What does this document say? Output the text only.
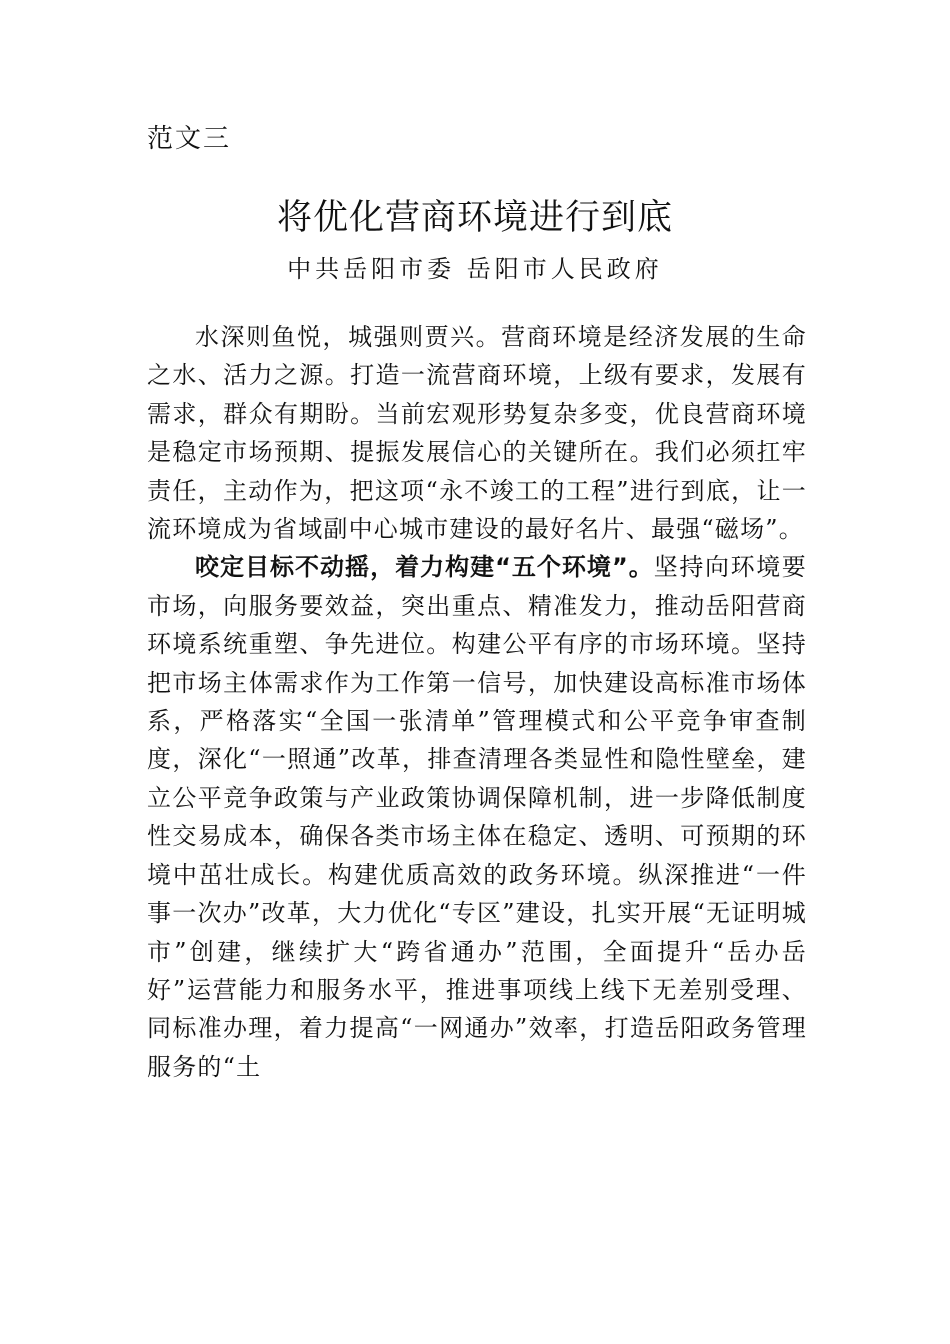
范文三
将优化营商环境进行到底
中共岳阳市委 岳阳市人民政府

水深则鱼悦，城强则贾兴。营商环境是经济发展的生命之水、活力之源。打造一流营商环境，上级有要求，发展有需求，群众有期盼。当前宏观形势复杂多变，优良营商环境是稳定市场预期、提振发展信心的关键所在。我们必须扛牢责任，主动作为，把这项“永不竣工的工程”进行到底，让一流环境成为省域副中心城市建设的最好名片、最强“磁场”。

咬定目标不动摇，着力构建“五个环境”。坚持向环境要市场，向服务要效益，突出重点、精准发力，推动岳阳营商环境系统重塑、争先进位。构建公平有序的市场环境。坚持把市场主体需求作为工作第一信号，加快建设高标准市场体系，严格落实“全国一张清单”管理模式和公平竞争审查制度，深化“一照通”改革，排查清理各类显性和隐性壁垒，建立公平竞争政策与产业政策协调保障机制，进一步降低制度性交易成本，确保各类市场主体在稳定、透明、可预期的环境中茁壮成长。构建优质高效的政务环境。纵深推进“一件事一次办”改革，大力优化“专区”建设，扎实开展“无证明城市”创建，继续扩大“跨省通办”范围，全面提升“岳办岳好”运营能力和服务水平，推进事项线上线下无差别受理、同标准办理，着力提高“一网通办”效率，打造岳阳政务管理服务的“土
